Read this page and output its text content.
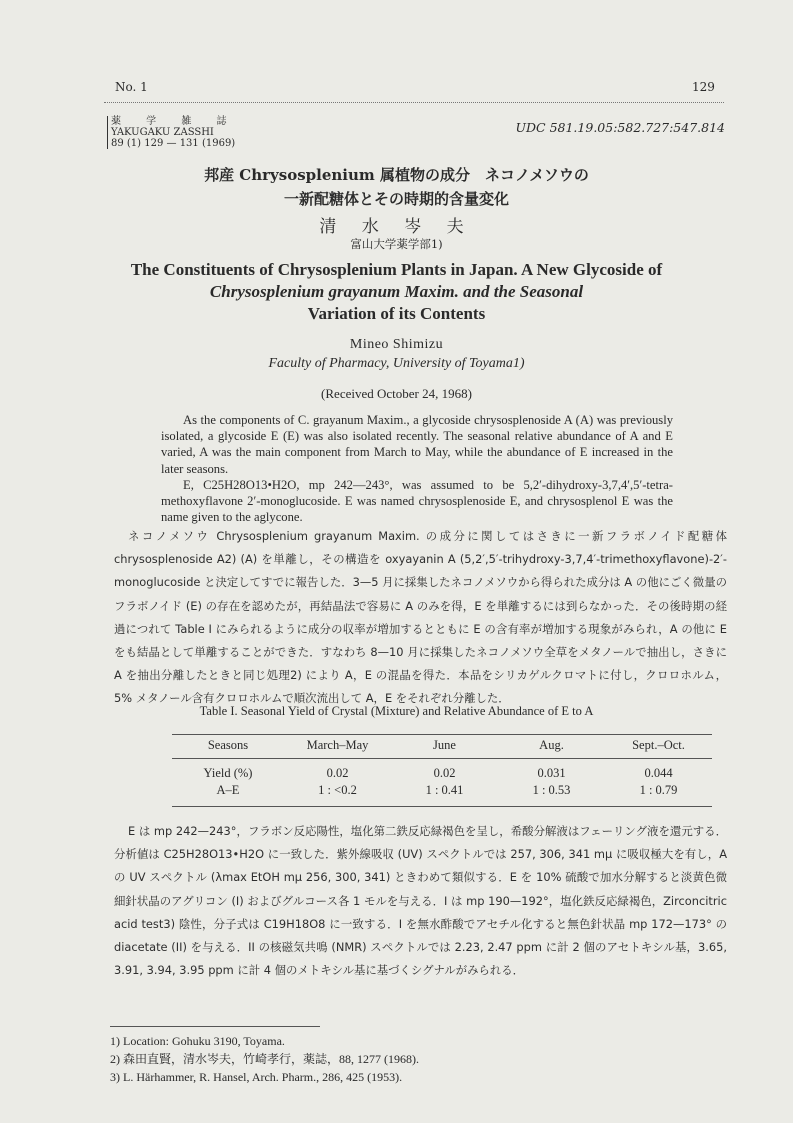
No. 1	129
薬 学 雑 誌
YAKUGAKU ZASSHI
89 (1) 129 — 131 (1969)
UDC 581.19.05:582.727:547.814
邦産 Chrysosplenium 属植物の成分　ネコノメソウの
一新配糖体とその時期的含量変化
清 水 岑 夫
富山大学薬学部1)
The Constituents of Chrysosplenium Plants in Japan. A New Glycoside of
Chrysosplenium grayanum Maxim. and the Seasonal
Variation of its Contents
Mineo Shimizu
Faculty of Pharmacy, University of Toyama1)
(Received October 24, 1968)

As the components of C. grayanum Maxim., a glycoside chrysosplenoside A (A) was previously isolated, a glycoside E (E) was also isolated recently. The seasonal relative abundance of A and E varied, A was the main component from March to May, while the abundance of E increased in the later seasons.

E, C25H28O13•H2O, mp 242—243°, was assumed to be 5,2′-dihydroxy-3,7,4′,5′-tetra-methoxyflavone 2′-monoglucoside. E was named chrysosplenoside E, and chrysosplenol E was the name given to the aglycone.

ネコノメソウ Chrysosplenium grayanum Maxim. の成分に関してはさきに一新フラボノイド配糖体 chrysosplenoside A2) (A) を単離し，その構造を oxyayanin A (5,2′,5′-trihydroxy-3,7,4′-trimethoxyflavone)-2′-monoglucoside と決定してすでに報告した．3—5 月に採集したネコノメソウから得られた成分は A の他にごく微量のフラボノイド (E) の存在を認めたが，再結晶法で容易に A のみを得，E を単離するには到らなかった．その後時期の経過につれて Table I にみられるように成分の収率が増加するとともに E の含有率が増加する現象がみられ，A の他に E をも結晶として単離することができた．すなわち 8—10 月に採集したネコノメソウ全草をメタノールで抽出し，さきに A を抽出分離したときと同じ処理2) により A，E の混晶を得た．本品をシリカゲルクロマトに付し，クロロホルム，5% メタノール含有クロロホルムで順次流出して A，E をそれぞれ分離した．

Table I. Seasonal Yield of Crystal (Mixture) and Relative Abundance of E to A
Seasons	March–May	June	Aug.	Sept.–Oct.
Yield (%)	0.02	0.02	0.031	0.044
A–E	1 : <0.2	1 : 0.41	1 : 0.53	1 : 0.79

E は mp 242—243°，フラボン反応陽性，塩化第二鉄反応緑褐色を呈し，希酸分解液はフェーリング液を還元する．分析値は C25H28O13•H2O に一致した．紫外線吸収 (UV) スペクトルでは 257, 306, 341 mμ に吸収極大を有し，A の UV スペクトル (λmax EtOH mμ 256, 300, 341) ときわめて類似する．E を 10% 硫酸で加水分解すると淡黄色微細針状晶のアグリコン (I) およびグルコース各 1 モルを与える．I は mp 190—192°，塩化鉄反応緑褐色，Zirconcitric acid test3) 陰性，分子式は C19H18O8 に一致する．I を無水酢酸でアセチル化すると無色針状晶 mp 172—173° の diacetate (II) を与える．II の核磁気共鳴 (NMR) スペクトルでは 2.23, 2.47 ppm に計 2 個のアセトキシル基，3.65, 3.91, 3.94, 3.95 ppm に計 4 個のメトキシル基に基づくシグナルがみられる．

1) Location: Gohuku 3190, Toyama.
2) 森田直賢，清水岑夫，竹崎孝行，薬誌，88, 1277 (1968).
3) L. Härhammer, R. Hansel, Arch. Pharm., 286, 425 (1953).
